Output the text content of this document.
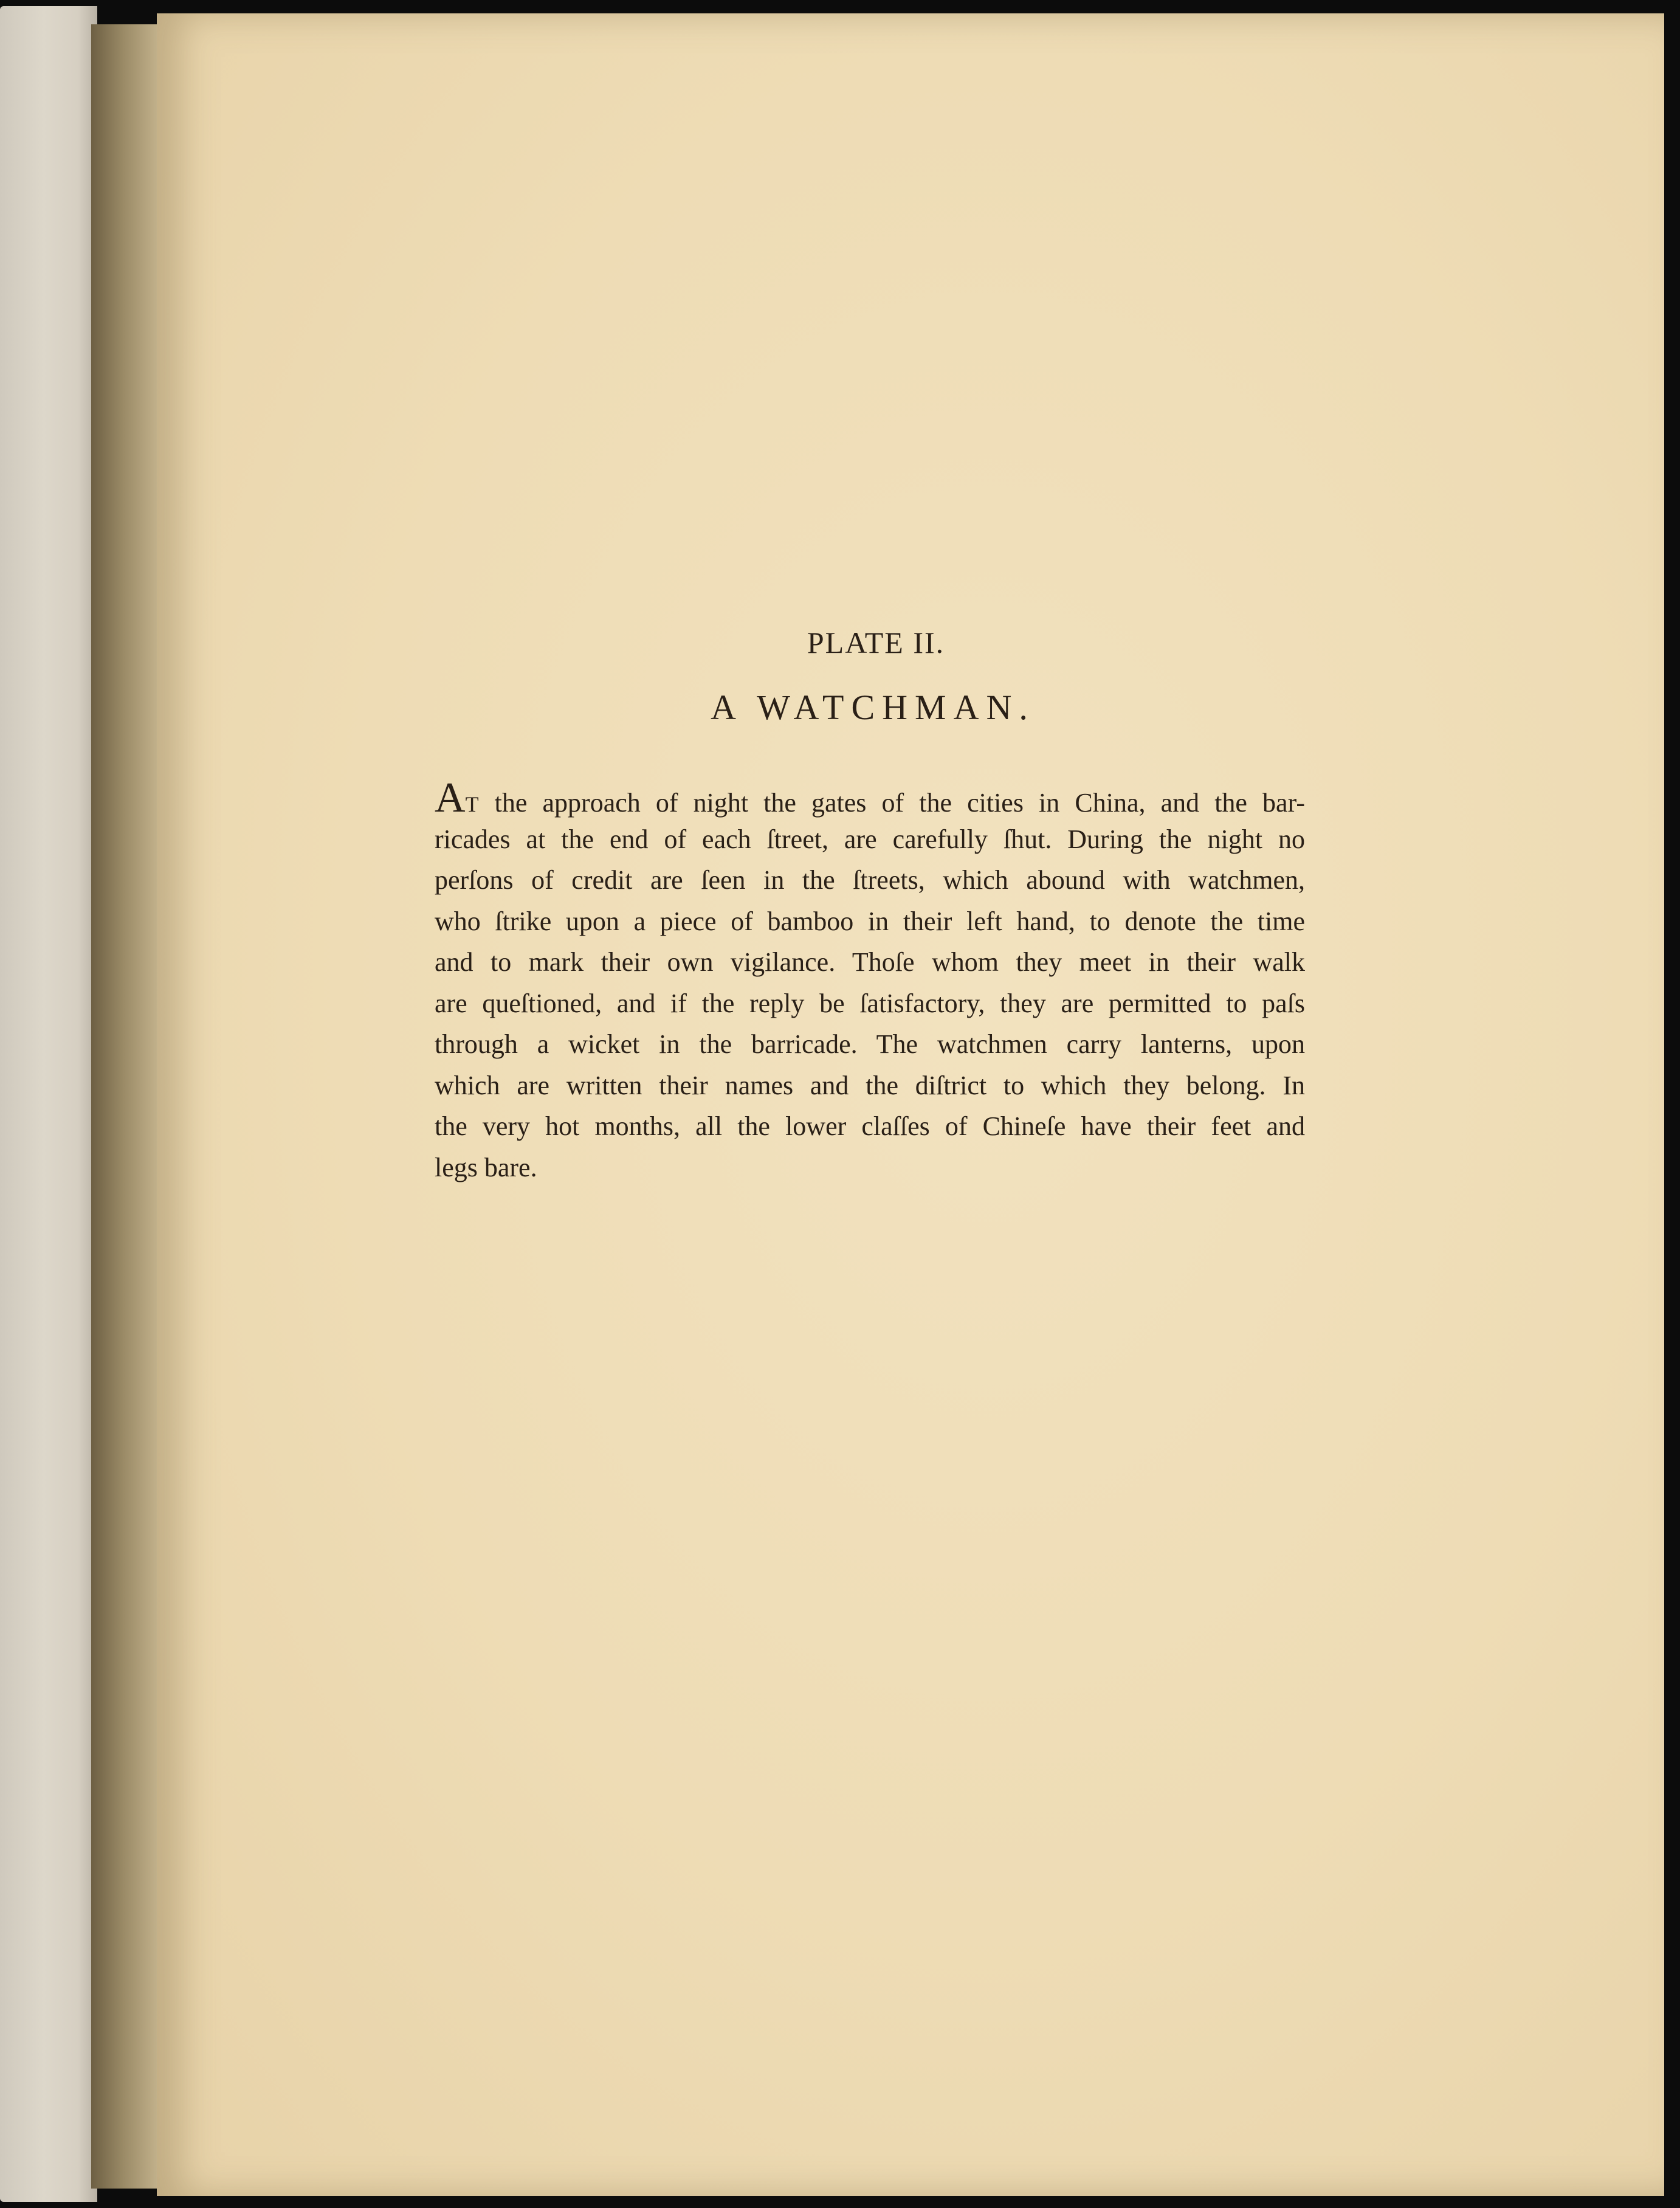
PLATE II.
A WATCHMAN.
AT the approach of night the gates of the cities in China, and the bar-
ricades at the end of each ſtreet, are carefully ſhut. During the night no
perſons of credit are ſeen in the ſtreets, which abound with watchmen,
who ſtrike upon a piece of bamboo in their left hand, to denote the time
and to mark their own vigilance. Thoſe whom they meet in their walk
are queſtioned, and if the reply be ſatisfactory, they are permitted to paſs
through a wicket in the barricade. The watchmen carry lanterns, upon
which are written their names and the diſtrict to which they belong. In
the very hot months, all the lower claſſes of Chineſe have their feet and
legs bare.
